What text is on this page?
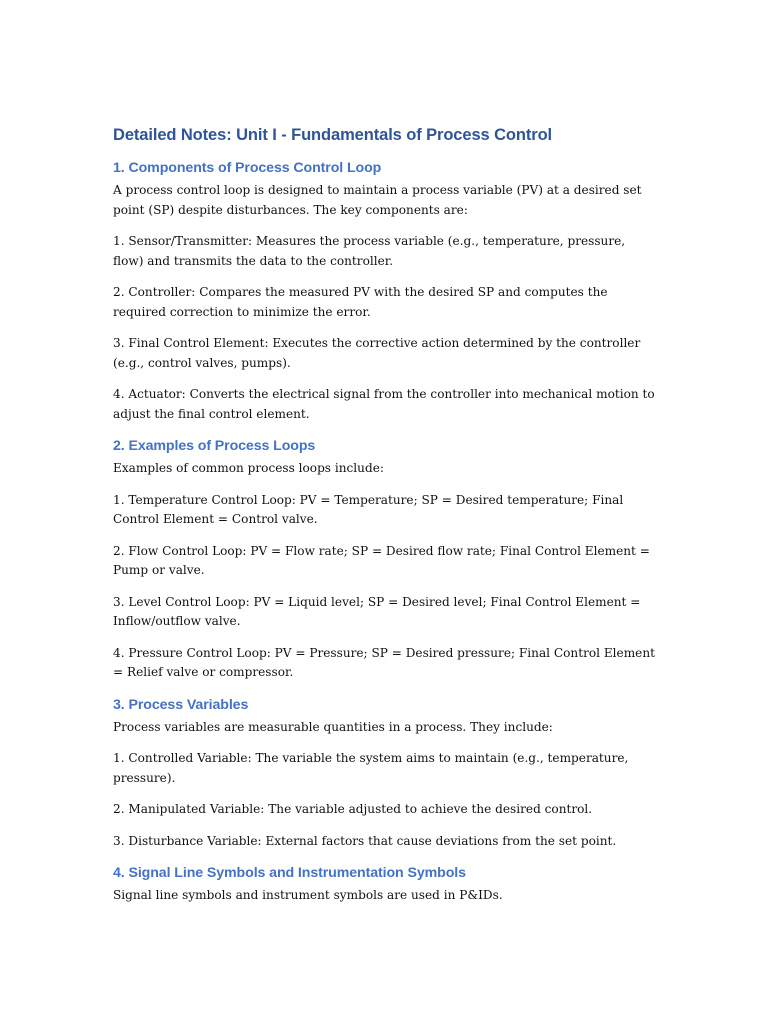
Detailed Notes: Unit I - Fundamentals of Process Control
1. Components of Process Control Loop

A process control loop is designed to maintain a process variable (PV) at a desired set point (SP) despite disturbances. The key components are:

1. Sensor/Transmitter: Measures the process variable (e.g., temperature, pressure, flow) and transmits the data to the controller.

2. Controller: Compares the measured PV with the desired SP and computes the required correction to minimize the error.

3. Final Control Element: Executes the corrective action determined by the controller (e.g., control valves, pumps).

4. Actuator: Converts the electrical signal from the controller into mechanical motion to adjust the final control element.

2. Examples of Process Loops

Examples of common process loops include:

1. Temperature Control Loop: PV = Temperature; SP = Desired temperature; Final Control Element = Control valve.

2. Flow Control Loop: PV = Flow rate; SP = Desired flow rate; Final Control Element = Pump or valve.

3. Level Control Loop: PV = Liquid level; SP = Desired level; Final Control Element = Inflow/outflow valve.

4. Pressure Control Loop: PV = Pressure; SP = Desired pressure; Final Control Element = Relief valve or compressor.

3. Process Variables

Process variables are measurable quantities in a process. They include:

1. Controlled Variable: The variable the system aims to maintain (e.g., temperature, pressure).

2. Manipulated Variable: The variable adjusted to achieve the desired control.

3. Disturbance Variable: External factors that cause deviations from the set point.

4. Signal Line Symbols and Instrumentation Symbols

Signal line symbols and instrument symbols are used in P&IDs.
